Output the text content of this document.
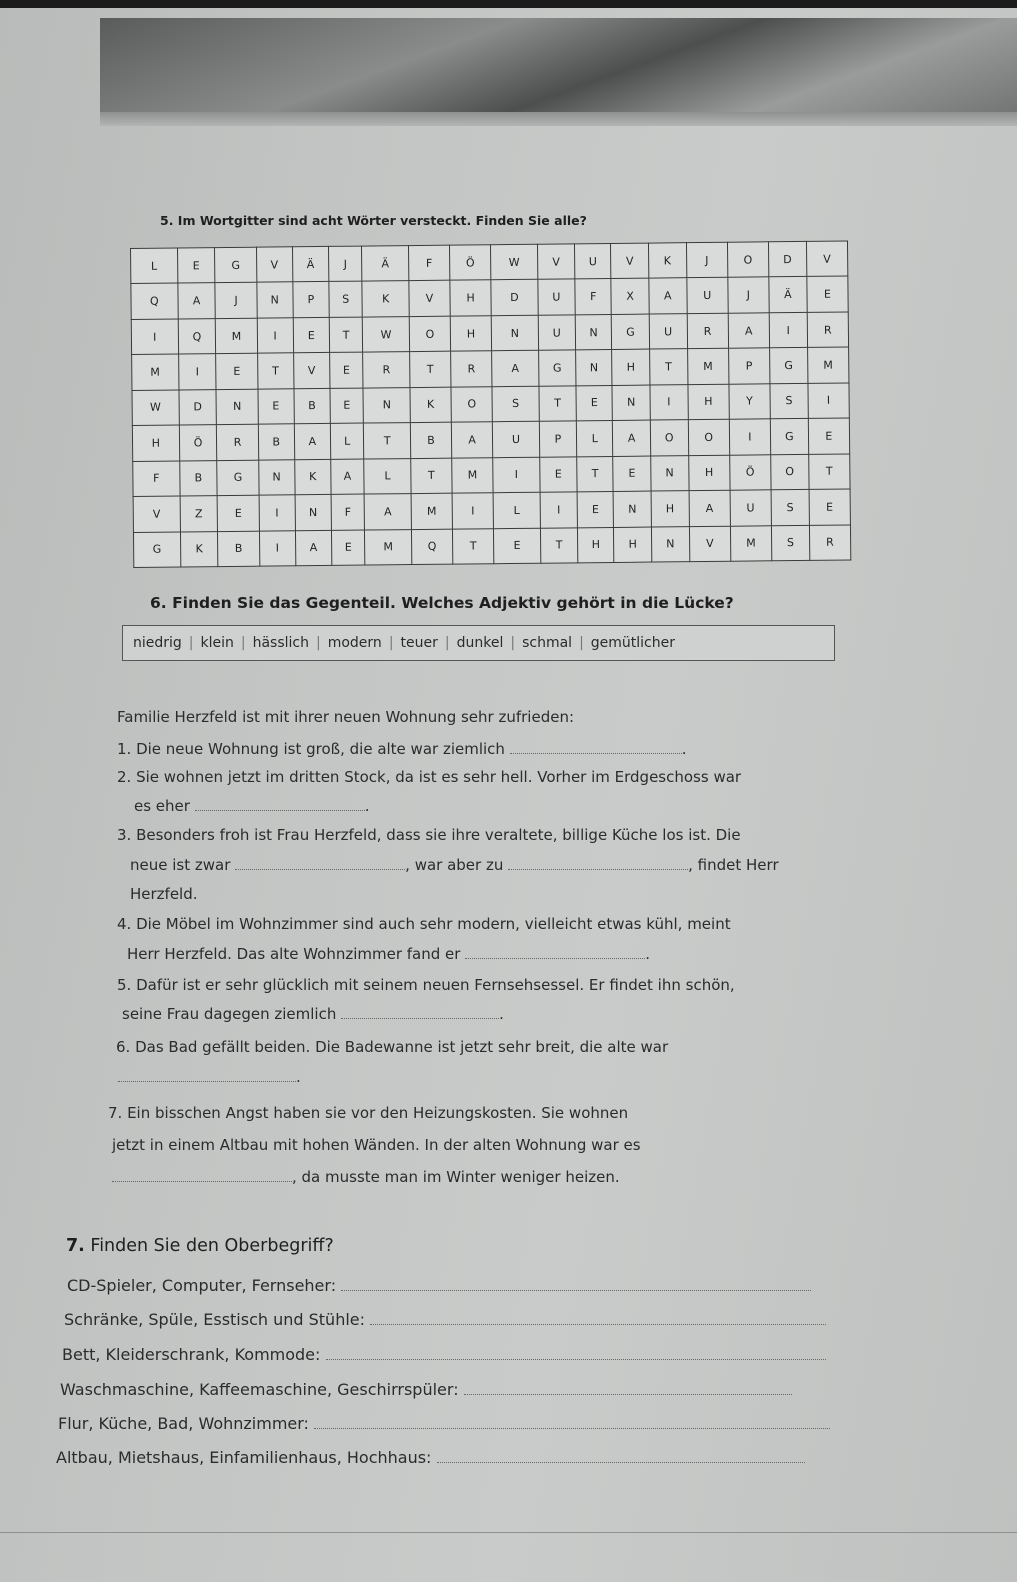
5. Im Wortgitter sind acht Wörter versteckt. Finden Sie alle?
L	E	G	V	Ä	J	Ä	F	Ö	W	V	U	V	K	J	O	D	V
Q	A	J	N	P	S	K	V	H	D	U	F	X	A	U	J	Ä	E
I	Q	M	I	E	T	W	O	H	N	U	N	G	U	R	A	I	R
M	I	E	T	V	E	R	T	R	A	G	N	H	T	M	P	G	M
W	D	N	E	B	E	N	K	O	S	T	E	N	I	H	Y	S	I
H	Ö	R	B	A	L	T	B	A	U	P	L	A	O	O	I	G	E
F	B	G	N	K	A	L	T	M	I	E	T	E	N	H	Ö	O	T
V	Z	E	I	N	F	A	M	I	L	I	E	N	H	A	U	S	E
G	K	B	I	A	E	M	Q	T	E	T	H	H	N	V	M	S	R
6. Finden Sie das Gegenteil. Welches Adjektiv gehört in die Lücke?
niedrig | klein | hässlich | modern | teuer | dunkel | schmal | gemütlicher
Familie Herzfeld ist mit ihrer neuen Wohnung sehr zufrieden:
1. Die neue Wohnung ist groß, die alte war ziemlich	.
2. Sie wohnen jetzt im dritten Stock, da ist es sehr hell. Vorher im Erdgeschoss war
es eher	.
3. Besonders froh ist Frau Herzfeld, dass sie ihre veraltete, billige Küche los ist. Die
neue ist zwar	, war aber zu	, findet Herr
Herzfeld.
4. Die Möbel im Wohnzimmer sind auch sehr modern, vielleicht etwas kühl, meint
Herr Herzfeld. Das alte Wohnzimmer fand er	.
5. Dafür ist er sehr glücklich mit seinem neuen Fernsehsessel. Er findet ihn schön,
seine Frau dagegen ziemlich	.
6. Das Bad gefällt beiden. Die Badewanne ist jetzt sehr breit, die alte war
.
7. Ein bisschen Angst haben sie vor den Heizungskosten. Sie wohnen
jetzt in einem Altbau mit hohen Wänden. In der alten Wohnung war es
, da musste man im Winter weniger heizen.
7. Finden Sie den Oberbegriff?
CD-Spieler, Computer, Fernseher:
Schränke, Spüle, Esstisch und Stühle:
Bett, Kleiderschrank, Kommode:
Waschmaschine, Kaffeemaschine, Geschirrspüler:
Flur, Küche, Bad, Wohnzimmer:
Altbau, Mietshaus, Einfamilienhaus, Hochhaus:
